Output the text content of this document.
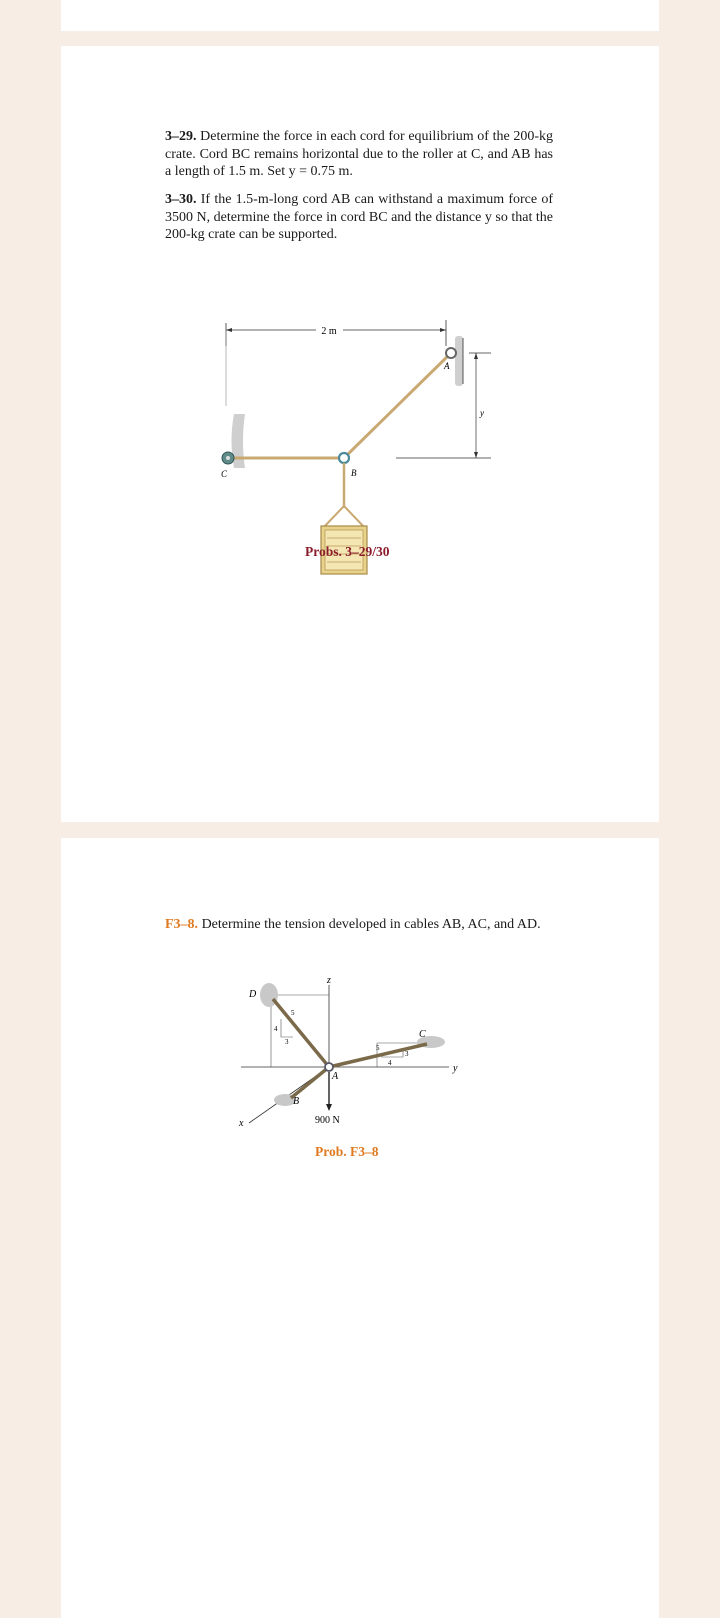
3–29. Determine the force in each cord for equilibrium of the 200-kg crate. Cord BC remains horizontal due to the roller at C, and AB has a length of 1.5 m. Set y = 0.75 m.
3–30. If the 1.5-m-long cord AB can withstand a maximum force of 3500 N, determine the force in cord BC and the distance y so that the 200-kg crate can be supported.
2 m
y
C
A
B
Probs. 3–29/30
F3–8. Determine the tension developed in cables AB, AC, and AD.
z
y
x
5
4
3
5
4
3
900 N
A
B
C
D
Prob. F3–8
